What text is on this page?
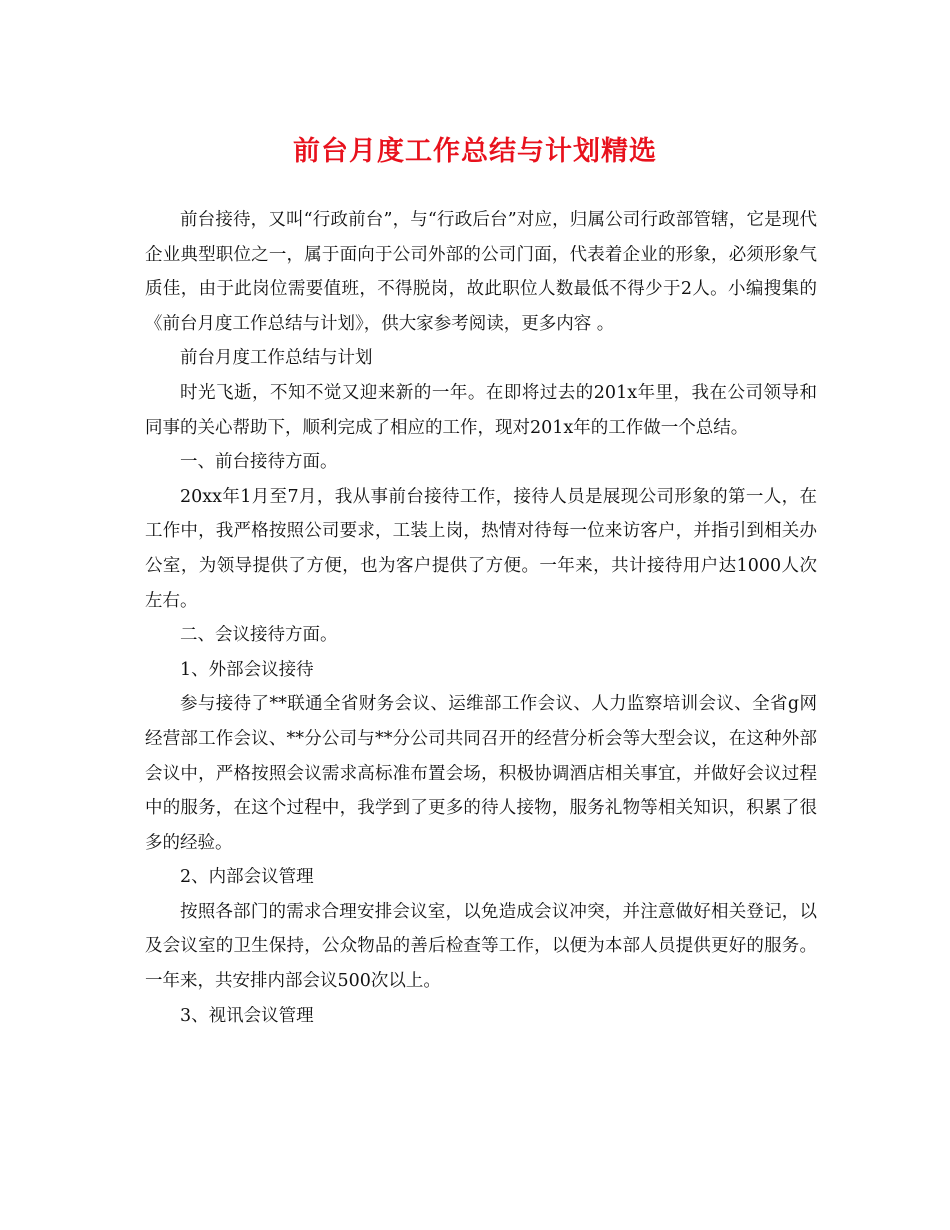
前台月度工作总结与计划精选

前台接待，又叫“行政前台”，与“行政后台”对应，归属公司行政部管辖，它是现代企业典型职位之一，属于面向于公司外部的公司门面，代表着企业的形象，必须形象气质佳，由于此岗位需要值班，不得脱岗，故此职位人数最低不得少于2人。小编搜集的《前台月度工作总结与计划》，供大家参考阅读，更多内容 。

前台月度工作总结与计划

时光飞逝，不知不觉又迎来新的一年。在即将过去的201x年里，我在公司领导和同事的关心帮助下，顺利完成了相应的工作，现对201x年的工作做一个总结。

一、前台接待方面。

20xx年1月至7月，我从事前台接待工作，接待人员是展现公司形象的第一人，在工作中，我严格按照公司要求，工装上岗，热情对待每一位来访客户，并指引到相关办公室，为领导提供了方便，也为客户提供了方便。一年来，共计接待用户达1000人次左右。

二、会议接待方面。

1、外部会议接待

参与接待了**联通全省财务会议、运维部工作会议、人力监察培训会议、全省g网经营部工作会议、**分公司与**分公司共同召开的经营分析会等大型会议，在这种外部会议中，严格按照会议需求高标准布置会场，积极协调酒店相关事宜，并做好会议过程中的服务，在这个过程中，我学到了更多的待人接物，服务礼物等相关知识，积累了很多的经验。

2、内部会议管理

按照各部门的需求合理安排会议室，以免造成会议冲突，并注意做好相关登记，以及会议室的卫生保持，公众物品的善后检查等工作，以便为本部人员提供更好的服务。一年来，共安排内部会议500次以上。

3、视讯会议管理
